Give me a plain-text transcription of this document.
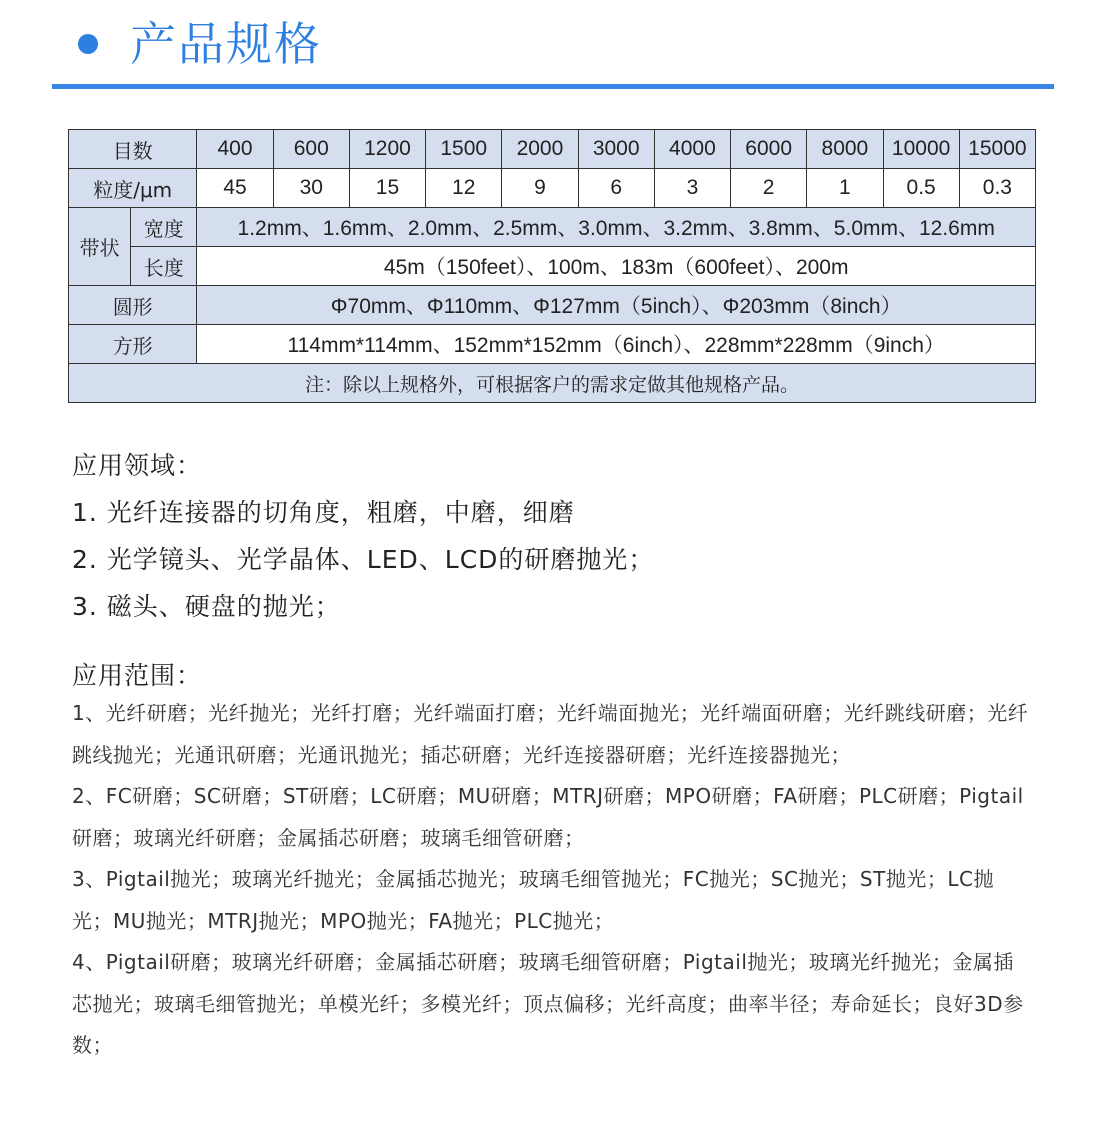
产品规格
目数		400	600	1200	1500	2000	3000	4000	6000	8000	10000	15000
粒度/μm		45	30	15	12	9	6	3	2	1	0.5	0.3
带状	宽度	1.2mm、1.6mm、2.0mm、2.5mm、3.0mm、3.2mm、3.8mm、5.0mm、12.6mm										
	长度	45m（150feet）、100m、183m（600feet）、200m										
圆形		Φ70mm、Φ110mm、Φ127mm（5inch）、Φ203mm（8inch）										
方形		114mm*114mm、152mm*152mm（6inch）、228mm*228mm（9inch）										
注：除以上规格外，可根据客户的需求定做其他规格产品。												
应用领域：
1. 光纤连接器的切角度，粗磨，中磨，细磨
2. 光学镜头、光学晶体、LED、LCD的研磨抛光；
3. 磁头、硬盘的抛光；
应用范围：

1、光纤研磨；光纤抛光；光纤打磨；光纤端面打磨；光纤端面抛光；光纤端面研磨；光纤跳线研磨；光纤跳线抛光；光通讯研磨；光通讯抛光；插芯研磨；光纤连接器研磨；光纤连接器抛光；

2、FC研磨；SC研磨；ST研磨；LC研磨；MU研磨；MTRJ研磨；MPO研磨；FA研磨；PLC研磨；Pigtail研磨；玻璃光纤研磨；金属插芯研磨；玻璃毛细管研磨；

3、Pigtail抛光；玻璃光纤抛光；金属插芯抛光；玻璃毛细管抛光；FC抛光；SC抛光；ST抛光；LC抛光；MU抛光；MTRJ抛光；MPO抛光；FA抛光；PLC抛光；

4、Pigtail研磨；玻璃光纤研磨；金属插芯研磨；玻璃毛细管研磨；Pigtail抛光；玻璃光纤抛光；金属插芯抛光；玻璃毛细管抛光；单模光纤；多模光纤；顶点偏移；光纤高度；曲率半径；寿命延长；良好3D参数；
